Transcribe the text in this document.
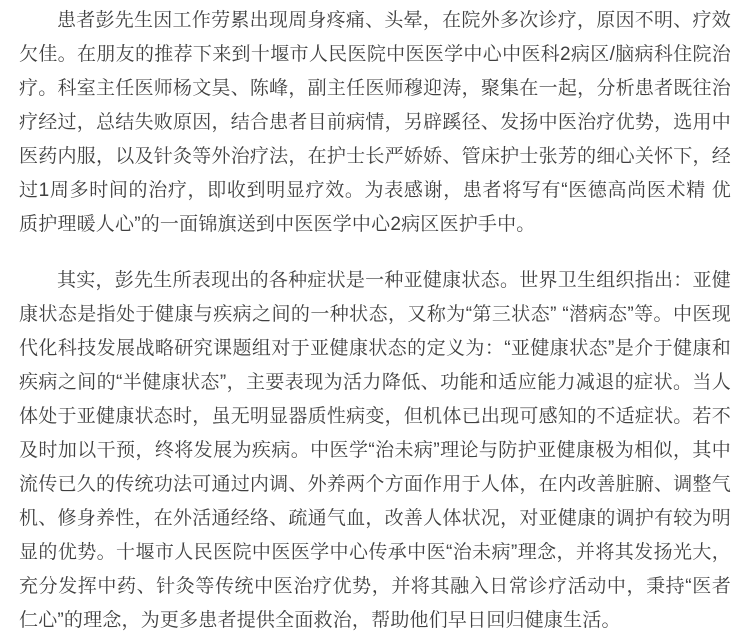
患者彭先生因工作劳累出现周身疼痛、头晕，在院外多次诊疗，原因不明、疗效欠佳。在朋友的推荐下来到十堰市人民医院中医医学中心中医科2病区/脑病科住院治疗。科室主任医师杨文昊、陈峰，副主任医师穆迎涛，聚集在一起，分析患者既往治疗经过，总结失败原因，结合患者目前病情，另辟蹊径、发扬中医治疗优势，选用中医药内服，以及针灸等外治疗法，在护士长严娇娇、管床护士张芳的细心关怀下，经过1周多时间的治疗，即收到明显疗效。为表感谢，患者将写有“医德高尚医术精 优质护理暖人心”的一面锦旗送到中医医学中心2病区医护手中。

其实，彭先生所表现出的各种症状是一种亚健康状态。世界卫生组织指出：亚健康状态是指处于健康与疾病之间的一种状态，又称为“第三状态” “潜病态”等。中医现代化科技发展战略研究课题组对于亚健康状态的定义为：“亚健康状态”是介于健康和疾病之间的“半健康状态”，主要表现为活力降低、功能和适应能力减退的症状。当人体处于亚健康状态时，虽无明显器质性病变，但机体已出现可感知的不适症状。若不及时加以干预，终将发展为疾病。中医学“治未病”理论与防护亚健康极为相似，其中流传已久的传统功法可通过内调、外养两个方面作用于人体，在内改善脏腑、调整气机、修身养性，在外活通经络、疏通气血，改善人体状况，对亚健康的调护有较为明显的优势。十堰市人民医院中医医学中心传承中医“治未病”理念，并将其发扬光大，充分发挥中药、针灸等传统中医治疗优势，并将其融入日常诊疗活动中，秉持“医者仁心”的理念，为更多患者提供全面救治，帮助他们早日回归健康生活。
